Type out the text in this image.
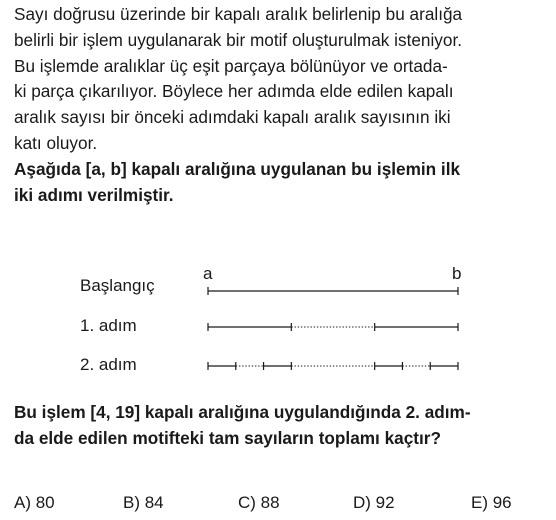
Sayı doğrusu üzerinde bir kapalı aralık belirlenip bu aralığa
belirli bir işlem uygulanarak bir motif oluşturulmak isteniyor.
Bu işlemde aralıklar üç eşit parçaya bölünüyor ve ortada-
ki parça çıkarılıyor. Böylece her adımda elde edilen kapalı
aralık sayısı bir önceki adımdaki kapalı aralık sayısının iki
katı oluyor.
Aşağıda [a, b] kapalı aralığına uygulanan bu işlemin ilk
iki adımı verilmiştir.
a	b
Başlangıç
1. adım
2. adım
Bu işlem [4, 19] kapalı aralığına uygulandığında 2. adım-
da elde edilen motifteki tam sayıların toplamı kaçtır?
A) 80	B) 84	C) 88	D) 92	E) 96
